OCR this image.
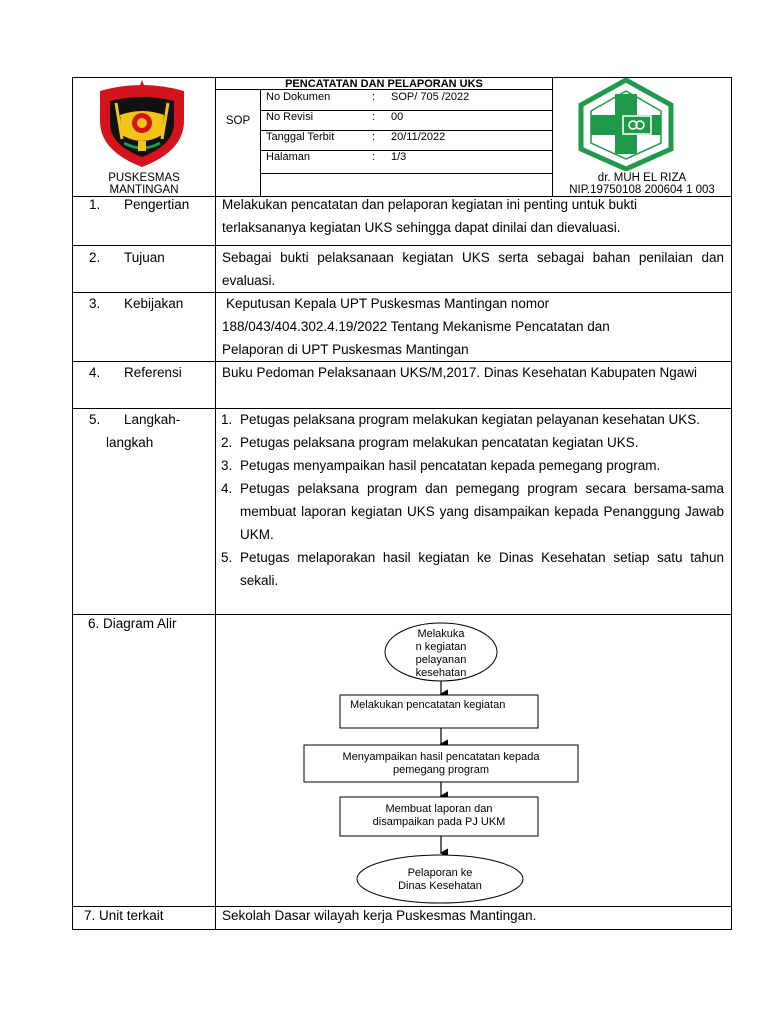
PUSKESMAS
MANTINGAN
PENCATATAN DAN PELAPORAN UKS
SOP
No Dokumen	: SOP/ 705 /2022
No Revisi	: 00
Tanggal Terbit	: 20/11/2022
Halaman	: 1/3
dr. MUH EL RIZA
NIP.19750108 200604 1 003
1. Pengertian Melakukan pencatatan dan pelaporan kegiatan ini penting untuk bukti
terlaksananya kegiatan UKS sehingga dapat dinilai dan dievaluasi.
2. Tujuan	Sebagai bukti pelaksanaan kegiatan UKS serta sebagai bahan penilaian dan evaluasi.
3. Kebijakan	Keputusan Kepala UPT Puskesmas Mantingan nomor
188/043/404.302.4.19/2022 Tentang Mekanisme Pencatatan dan
Pelaporan di UPT Puskesmas Mantingan
4. Referensi	Buku Pedoman Pelaksanaan UKS/M,2017. Dinas Kesehatan Kabupaten Ngawi
5. Langkah-
langkah
1. Petugas pelaksana program melakukan kegiatan pelayanan kesehatan UKS.
2. Petugas pelaksana program melakukan pencatatan kegiatan UKS.
3. Petugas menyampaikan hasil pencatatan kepada pemegang program.
4. Petugas pelaksana program dan pemegang program secara bersama-sama membuat laporan kegiatan UKS yang disampaikan kepada Penanggung Jawab UKM.
5. Petugas melaporakan hasil kegiatan ke Dinas Kesehatan setiap satu tahun sekali.
6. Diagram Alir
Melakuka
n kegiatan
pelayanan
kesehatan
Melakukan pencatatan kegiatan
Menyampaikan hasil pencatatan kepada
pemegang program
Membuat laporan dan
disampaikan pada PJ UKM
Pelaporan ke
Dinas Kesehatan
7. Unit terkait	Sekolah Dasar wilayah kerja Puskesmas Mantingan.
